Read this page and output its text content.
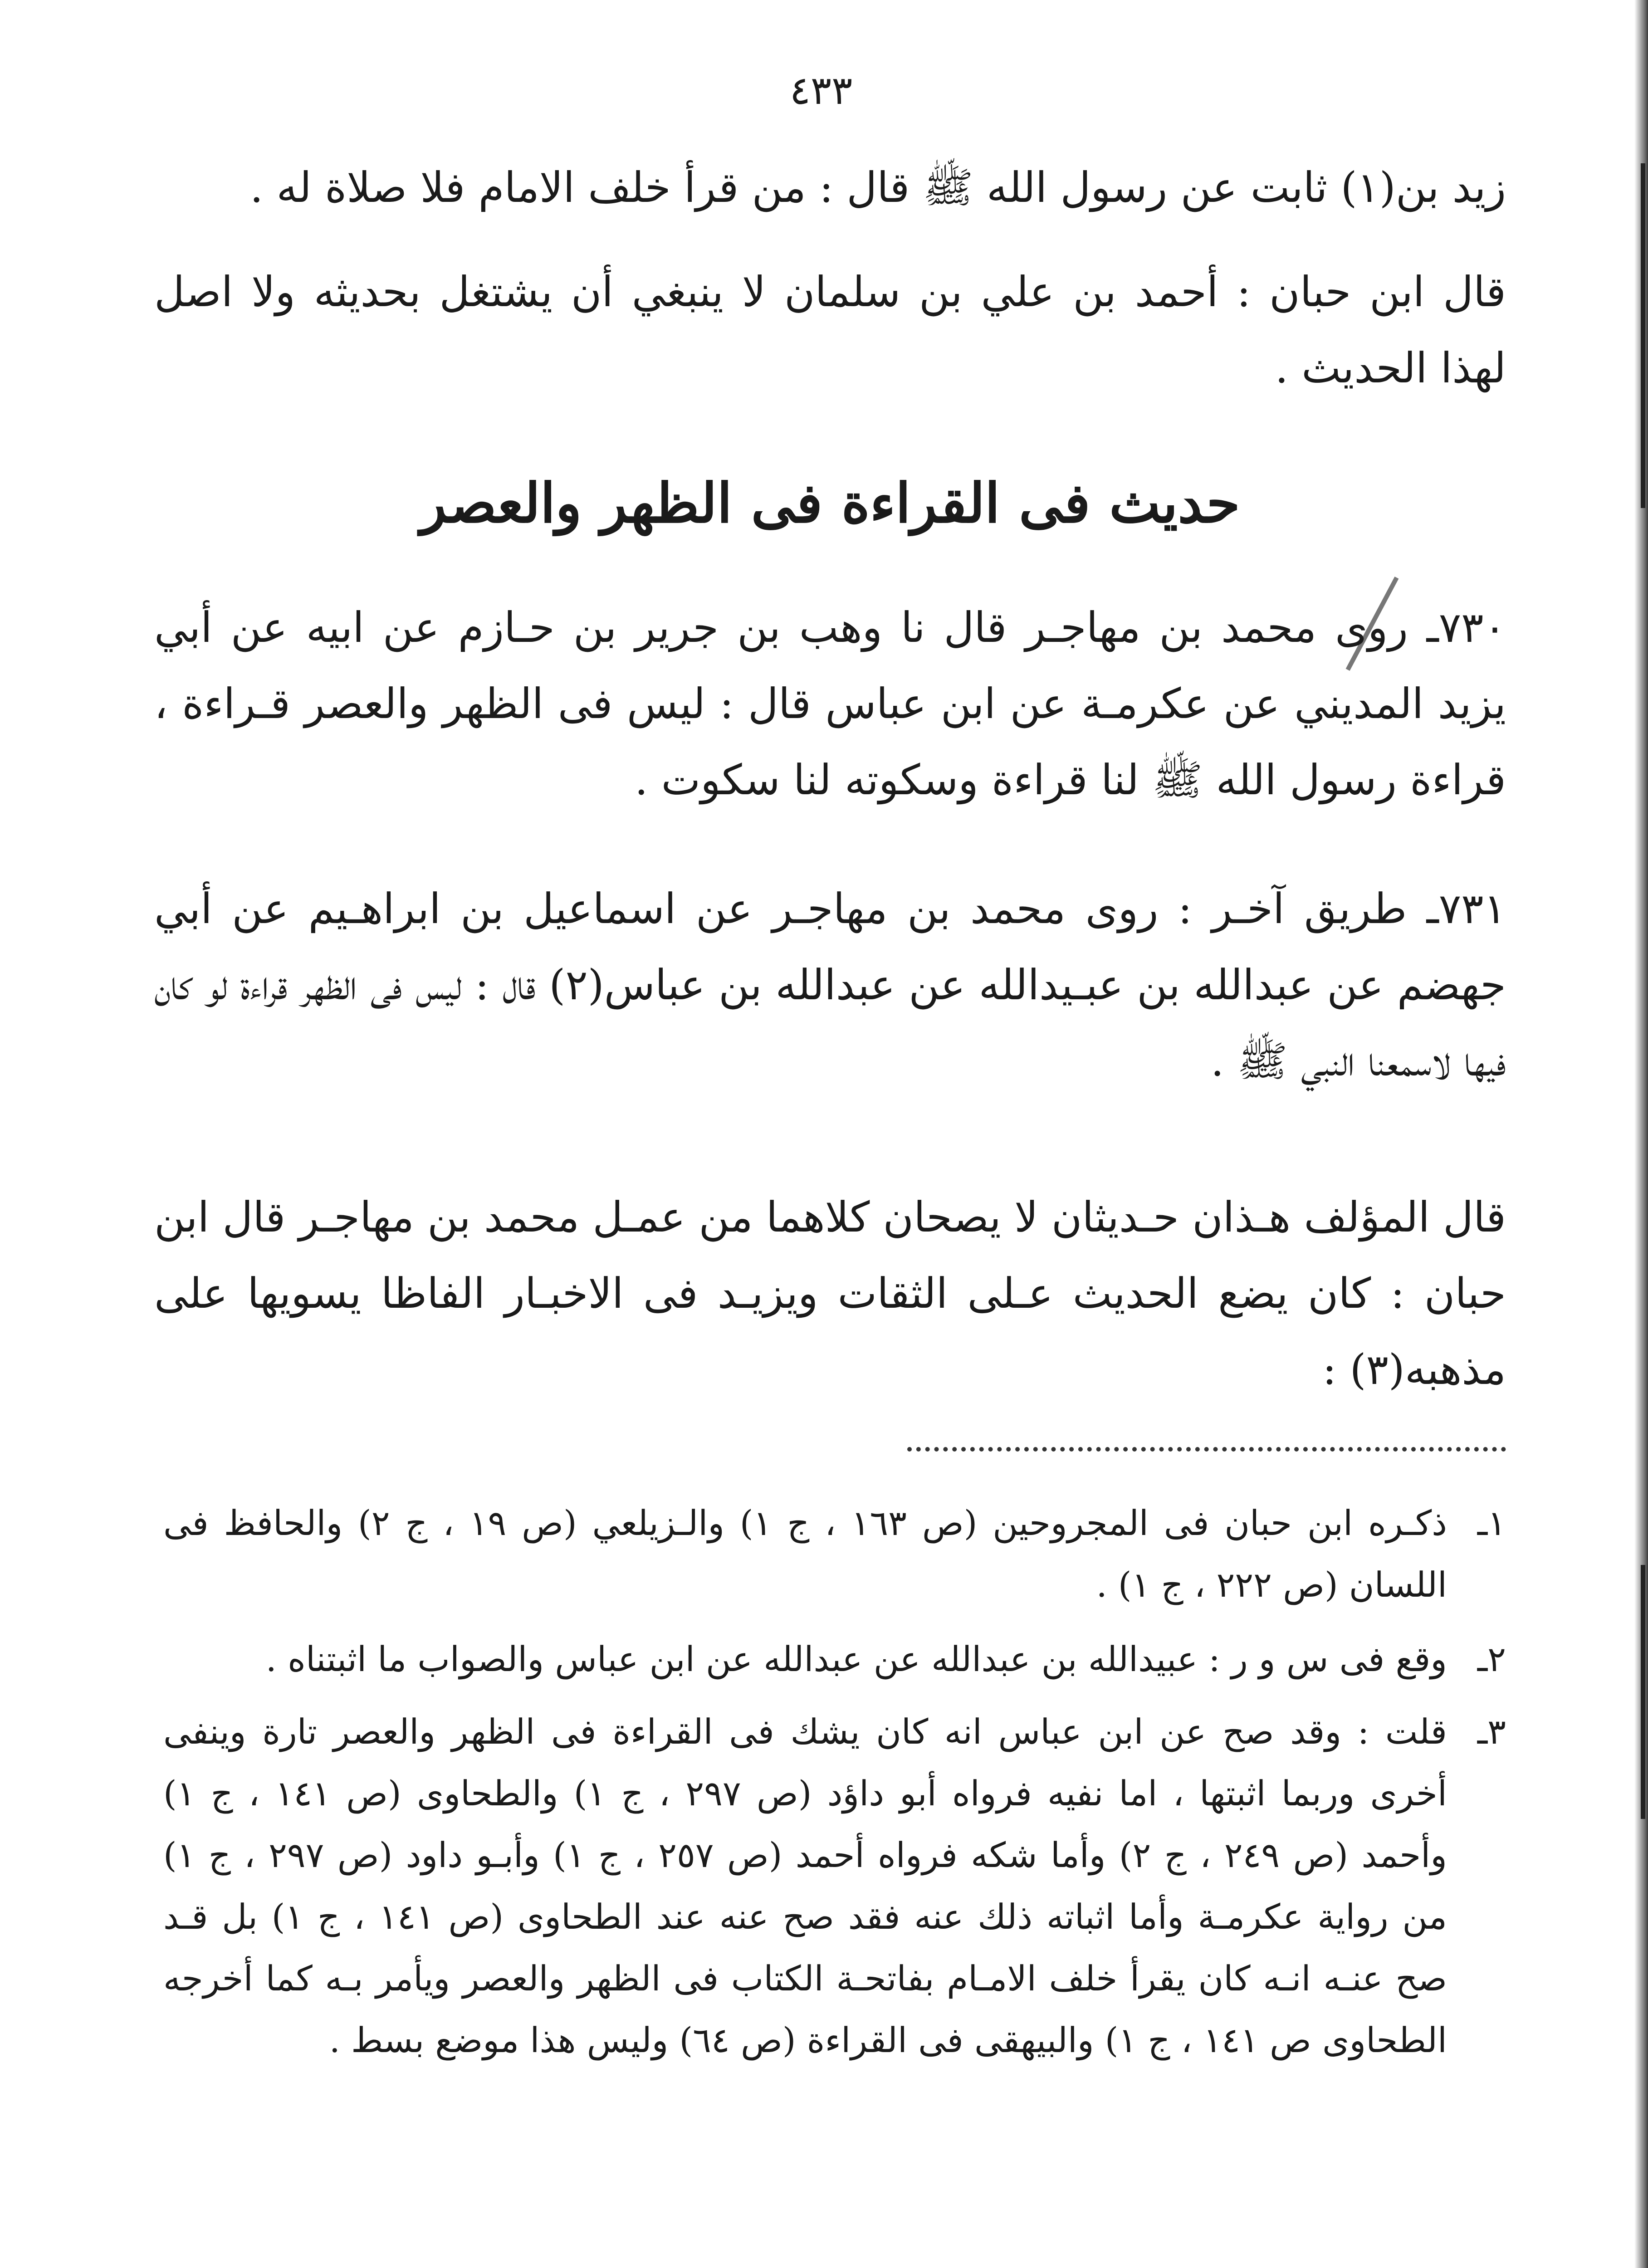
٤٣٣
زيد بن(١) ثابت عن رسول الله ﷺ قال : من قرأ خلف الامام فلا صلاة له .
قال ابن حبان : أحمد بن علي بن سلمان لا ينبغي أن يشتغل بحديثه ولا اصل لهذا الحديث .
حديث فى القراءة فى الظهر والعصر
٧٣٠ـ روى محمد بن مهاجـر قال نا وهب بن جرير بن حـازم عن ابيه عن أبي يزيد المديني عن عكرمـة عن ابن عباس قال : ليس فى الظهر والعصر قـراءة ، قراءة رسول الله ﷺ لنا قراءة وسكوته لنا سكوت .
٧٣١ـ طريق آخـر : روى محمد بن مهاجـر عن اسماعيل بن ابراهـيم عن أبي جهضم عن عبدالله بن عبـيدالله عن عبدالله بن عباس(٢) قال : ليس فى الظهر قراءة لو كان فيها لاسمعنا النبي ﷺ .
قال المؤلف هـذان حـديثان لا يصحان كلاهما من عمـل محمد بن مهاجـر قال ابن حبان : كان يضع الحديث عـلى الثقات ويزيـد فى الاخبـار الفاظا يسويها على مذهبه(٣) :
١ـذكـره ابن حبان فى المجروحين (ص ١٦٣ ، ج ١) والـزيلعي (ص ١٩ ، ج ٢) والحافظ فى اللسان (ص ٢٢٢ ، ج ١) .
٢ـوقع فى س و ر : عبيدالله بن عبدالله عن عبدالله عن ابن عباس والصواب ما اثبتناه .
٣ـقلت : وقد صح عن ابن عباس انه كان يشك فى القراءة فى الظهر والعصر تارة وينفى أخرى وربما اثبتها ، اما نفيه فرواه أبو داؤد (ص ٢٩٧ ، ج ١) والطحاوى (ص ١٤١ ، ج ١) وأحمد (ص ٢٤٩ ، ج ٢) وأما شكه فرواه أحمد (ص ٢٥٧ ، ج ١) وأبـو داود (ص ٢٩٧ ، ج ١) من رواية عكرمـة وأما اثباته ذلك عنه فقد صح عنه عند الطحاوى (ص ١٤١ ، ج ١) بل قـد صح عنـه انـه كان يقرأ خلف الامـام بفاتحـة الكتاب فى الظهر والعصر ويأمر بـه كما أخرجه الطحاوى ص ١٤١ ، ج ١) والبيهقى فى القراءة (ص ٦٤) وليس هذا موضع بسط .
